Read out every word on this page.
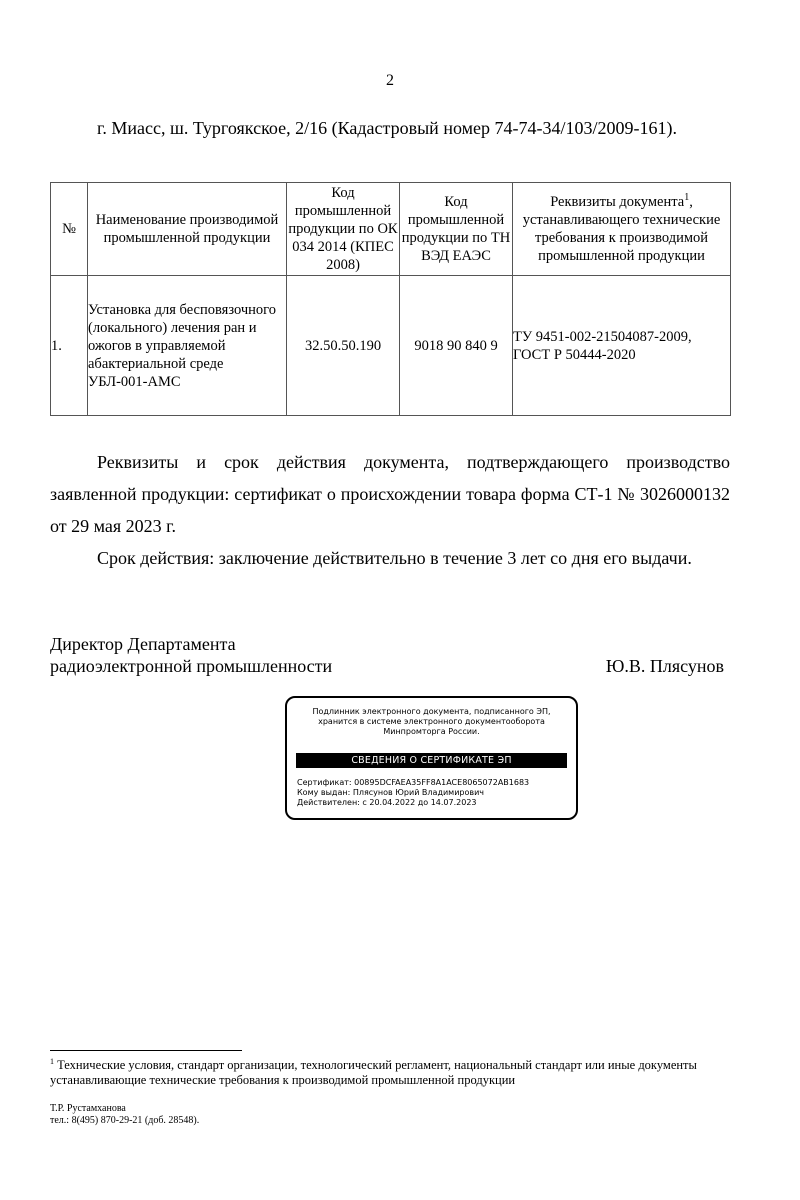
2
г. Миасс, ш. Тургоякское, 2/16 (Кадастровый номер 74-74-34/103/2009-161).
№	Наименование производимой промышленной продукции	Код промышленной продукции по ОК 034 2014 (КПЕС 2008)	Код промышленной продукции по ТН ВЭД ЕАЭС	Реквизиты документа$^1$, устанавливающего технические требования к производимой промышленной продукции
1.	Установка для бесповязочного (локального) лечения ран и ожогов в управляемой абактериальной среде УБЛ-001-АМС	32.50.50.190	9018 90 840 9	ТУ 9451-002-21504087-2009, ГОСТ Р 50444-2020
Реквизиты и срок действия документа, подтверждающего производство заявленной продукции: сертификат о происхождении товара форма СТ-1 № 3026000132 от 29 мая 2023 г.
Срок действия: заключение действительно в течение 3 лет со дня его выдачи.
Директор Департамента
радиоэлектронной промышленности	Ю.В. Плясунов
Подлинник электронного документа, подписанного ЭП,
хранится в системе электронного документооборота
Минпромторга России.
СВЕДЕНИЯ О СЕРТИФИКАТЕ ЭП
Сертификат: 00895DCFAEA35FF8A1ACE8065072AB1683
Кому выдан: Плясунов Юрий Владимирович
Действителен: с 20.04.2022 до 14.07.2023
$^1$ Технические условия, стандарт организации, технологический регламент, национальный стандарт или иные документы устанавливающие технические требования к производимой промышленной продукции
Т.Р. Рустамханова
тел.: 8(495) 870-29-21 (доб. 28548).
